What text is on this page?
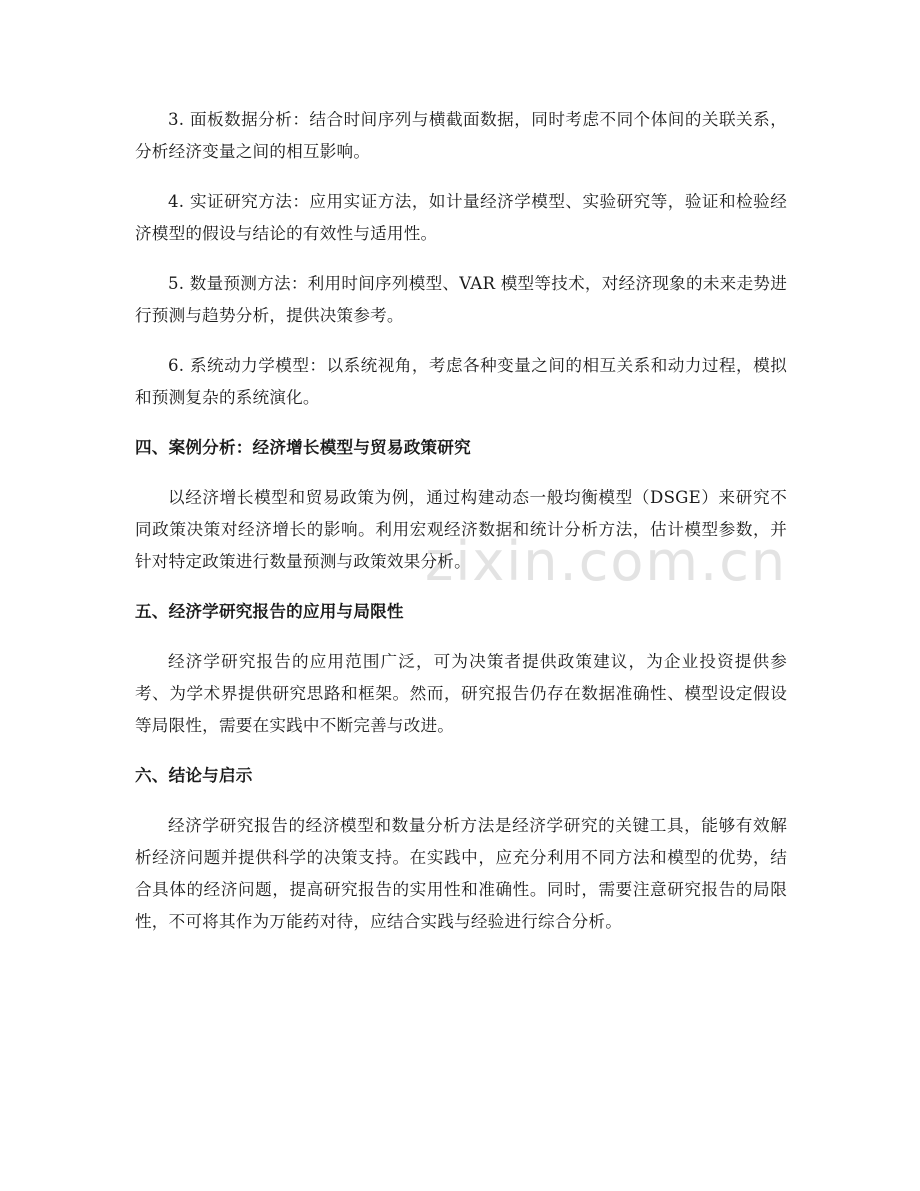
zixin.com.cn

3. 面板数据分析：结合时间序列与横截面数据，同时考虑不同个体间的关联关系，分析经济变量之间的相互影响。

4. 实证研究方法：应用实证方法，如计量经济学模型、实验研究等，验证和检验经济模型的假设与结论的有效性与适用性。

5. 数量预测方法：利用时间序列模型、VAR 模型等技术，对经济现象的未来走势进行预测与趋势分析，提供决策参考。

6. 系统动力学模型：以系统视角，考虑各种变量之间的相互关系和动力过程，模拟和预测复杂的系统演化。

四、案例分析：经济增长模型与贸易政策研究

以经济增长模型和贸易政策为例，通过构建动态一般均衡模型（DSGE）来研究不同政策决策对经济增长的影响。利用宏观经济数据和统计分析方法，估计模型参数，并针对特定政策进行数量预测与政策效果分析。

五、经济学研究报告的应用与局限性

经济学研究报告的应用范围广泛，可为决策者提供政策建议，为企业投资提供参考、为学术界提供研究思路和框架。然而，研究报告仍存在数据准确性、模型设定假设等局限性，需要在实践中不断完善与改进。

六、结论与启示

经济学研究报告的经济模型和数量分析方法是经济学研究的关键工具，能够有效解析经济问题并提供科学的决策支持。在实践中，应充分利用不同方法和模型的优势，结合具体的经济问题，提高研究报告的实用性和准确性。同时，需要注意研究报告的局限性，不可将其作为万能药对待，应结合实践与经验进行综合分析。
